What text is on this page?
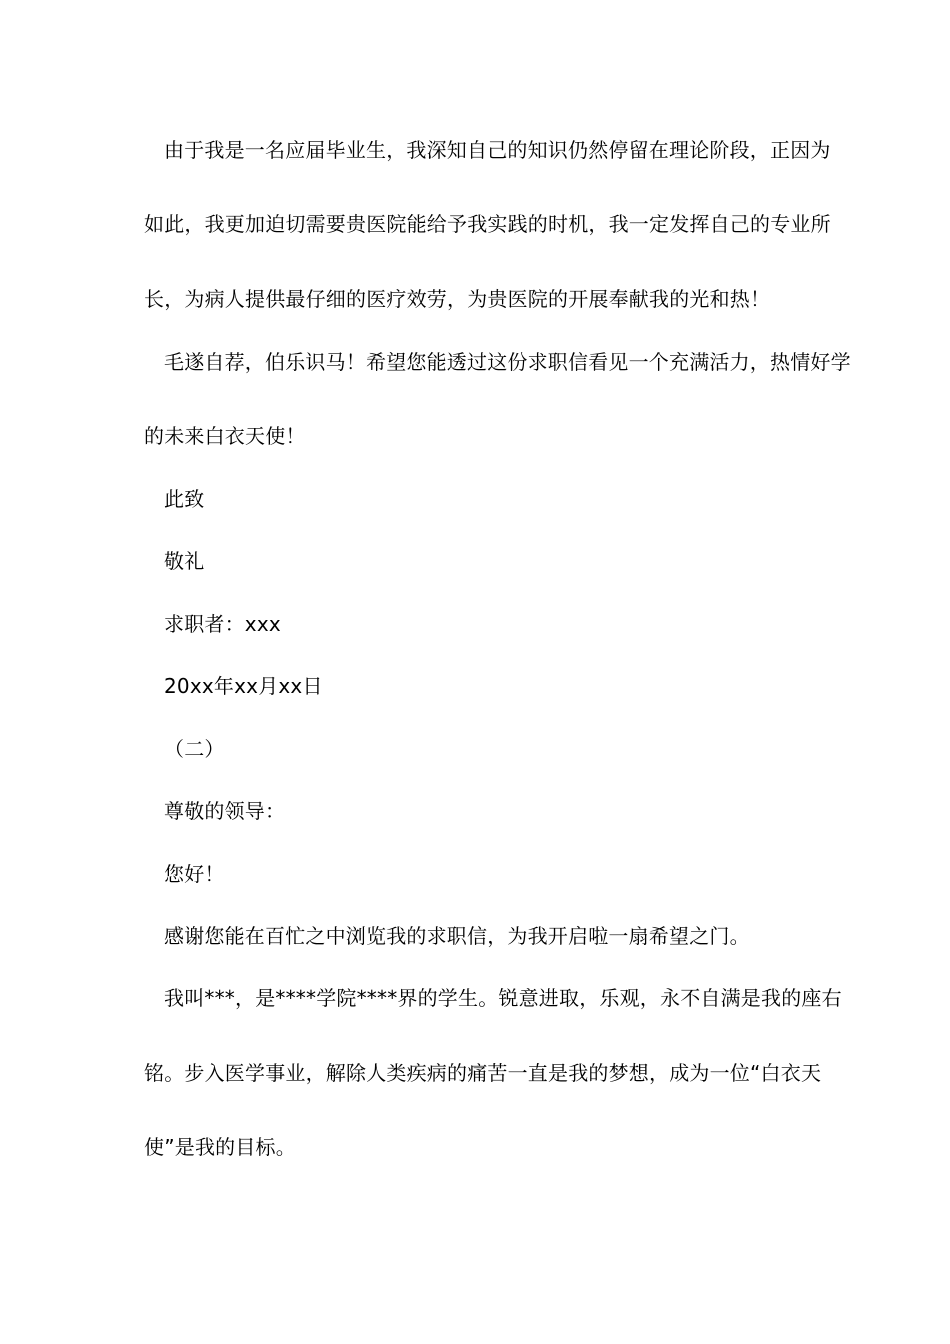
由于我是一名应届毕业生，我深知自己的知识仍然停留在理论阶段，正因为
如此，我更加迫切需要贵医院能给予我实践的时机，我一定发挥自己的专业所
长，为病人提供最仔细的医疗效劳，为贵医院的开展奉献我的光和热！
毛遂自荐，伯乐识马！希望您能透过这份求职信看见一个充满活力，热情好学
的未来白衣天使！
此致
敬礼
求职者：xxx
20xx年xx月xx日
（二）
尊敬的领导：
您好！
感谢您能在百忙之中浏览我的求职信，为我开启啦一扇希望之门。
我叫***，是****学院****界的学生。锐意进取，乐观，永不自满是我的座右
铭。步入医学事业，解除人类疾病的痛苦一直是我的梦想，成为一位“白衣天
使”是我的目标。
